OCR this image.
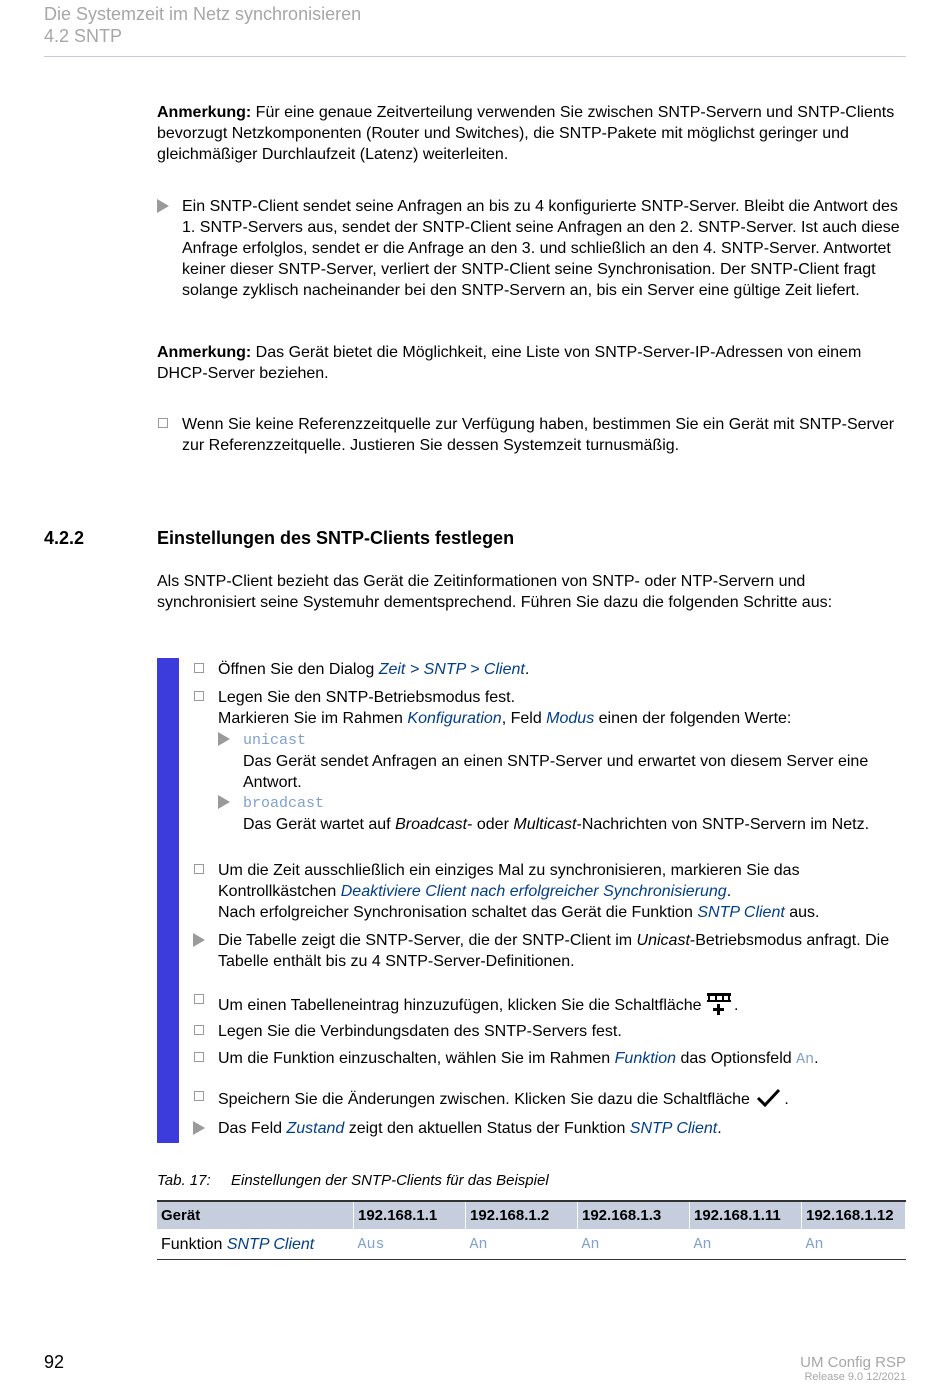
Die Systemzeit im Netz synchronisieren
4.2 SNTP
Anmerkung: Für eine genaue Zeitverteilung verwenden Sie zwischen SNTP-Servern und SNTP-Clients bevorzugt Netzkomponenten (Router und Switches), die SNTP-Pakete mit möglichst geringer und gleichmäßiger Durchlaufzeit (Latenz) weiterleiten.
Ein SNTP-Client sendet seine Anfragen an bis zu 4 konfigurierte SNTP-Server. Bleibt die Antwort des 1. SNTP-Servers aus, sendet der SNTP-Client seine Anfragen an den 2. SNTP-Server. Ist auch diese Anfrage erfolglos, sendet er die Anfrage an den 3. und schließlich an den 4. SNTP-Server. Antwortet keiner dieser SNTP-Server, verliert der SNTP-Client seine Synchronisation. Der SNTP-Client fragt solange zyklisch nacheinander bei den SNTP-Servern an, bis ein Server eine gültige Zeit liefert.
Anmerkung: Das Gerät bietet die Möglichkeit, eine Liste von SNTP-Server-IP-Adressen von einem DHCP-Server beziehen.
Wenn Sie keine Referenzzeitquelle zur Verfügung haben, bestimmen Sie ein Gerät mit SNTP-Server zur Referenzzeitquelle. Justieren Sie dessen Systemzeit turnusmäßig.
4.2.2	Einstellungen des SNTP-Clients festlegen
Als SNTP-Client bezieht das Gerät die Zeitinformationen von SNTP- oder NTP-Servern und synchronisiert seine Systemuhr dementsprechend. Führen Sie dazu die folgenden Schritte aus:
Öffnen Sie den Dialog Zeit > SNTP > Client.
Legen Sie den SNTP-Betriebsmodus fest.
Markieren Sie im Rahmen Konfiguration, Feld Modus einen der folgenden Werte:
unicast
Das Gerät sendet Anfragen an einen SNTP-Server und erwartet von diesem Server eine Antwort.
broadcast
Das Gerät wartet auf Broadcast- oder Multicast-Nachrichten von SNTP-Servern im Netz.
Um die Zeit ausschließlich ein einziges Mal zu synchronisieren, markieren Sie das Kontrollkästchen Deaktiviere Client nach erfolgreicher Synchronisierung.
Nach erfolgreicher Synchronisation schaltet das Gerät die Funktion SNTP Client aus.
Die Tabelle zeigt die SNTP-Server, die der SNTP-Client im Unicast-Betriebsmodus anfragt. Die Tabelle enthält bis zu 4 SNTP-Server-Definitionen.
Um einen Tabelleneintrag hinzuzufügen, klicken Sie die Schaltfläche .
Legen Sie die Verbindungsdaten des SNTP-Servers fest.
Um die Funktion einzuschalten, wählen Sie im Rahmen Funktion das Optionsfeld An.
Speichern Sie die Änderungen zwischen. Klicken Sie dazu die Schaltfläche .
Das Feld Zustand zeigt den aktuellen Status der Funktion SNTP Client.
Tab. 17: Einstellungen der SNTP-Clients für das Beispiel
Gerät	192.168.1.1	192.168.1.2	192.168.1.3	192.168.1.11	192.168.1.12
Funktion SNTP Client	Aus	An	An	An	An
92	UM Config RSP
Release 9.0 12/2021
